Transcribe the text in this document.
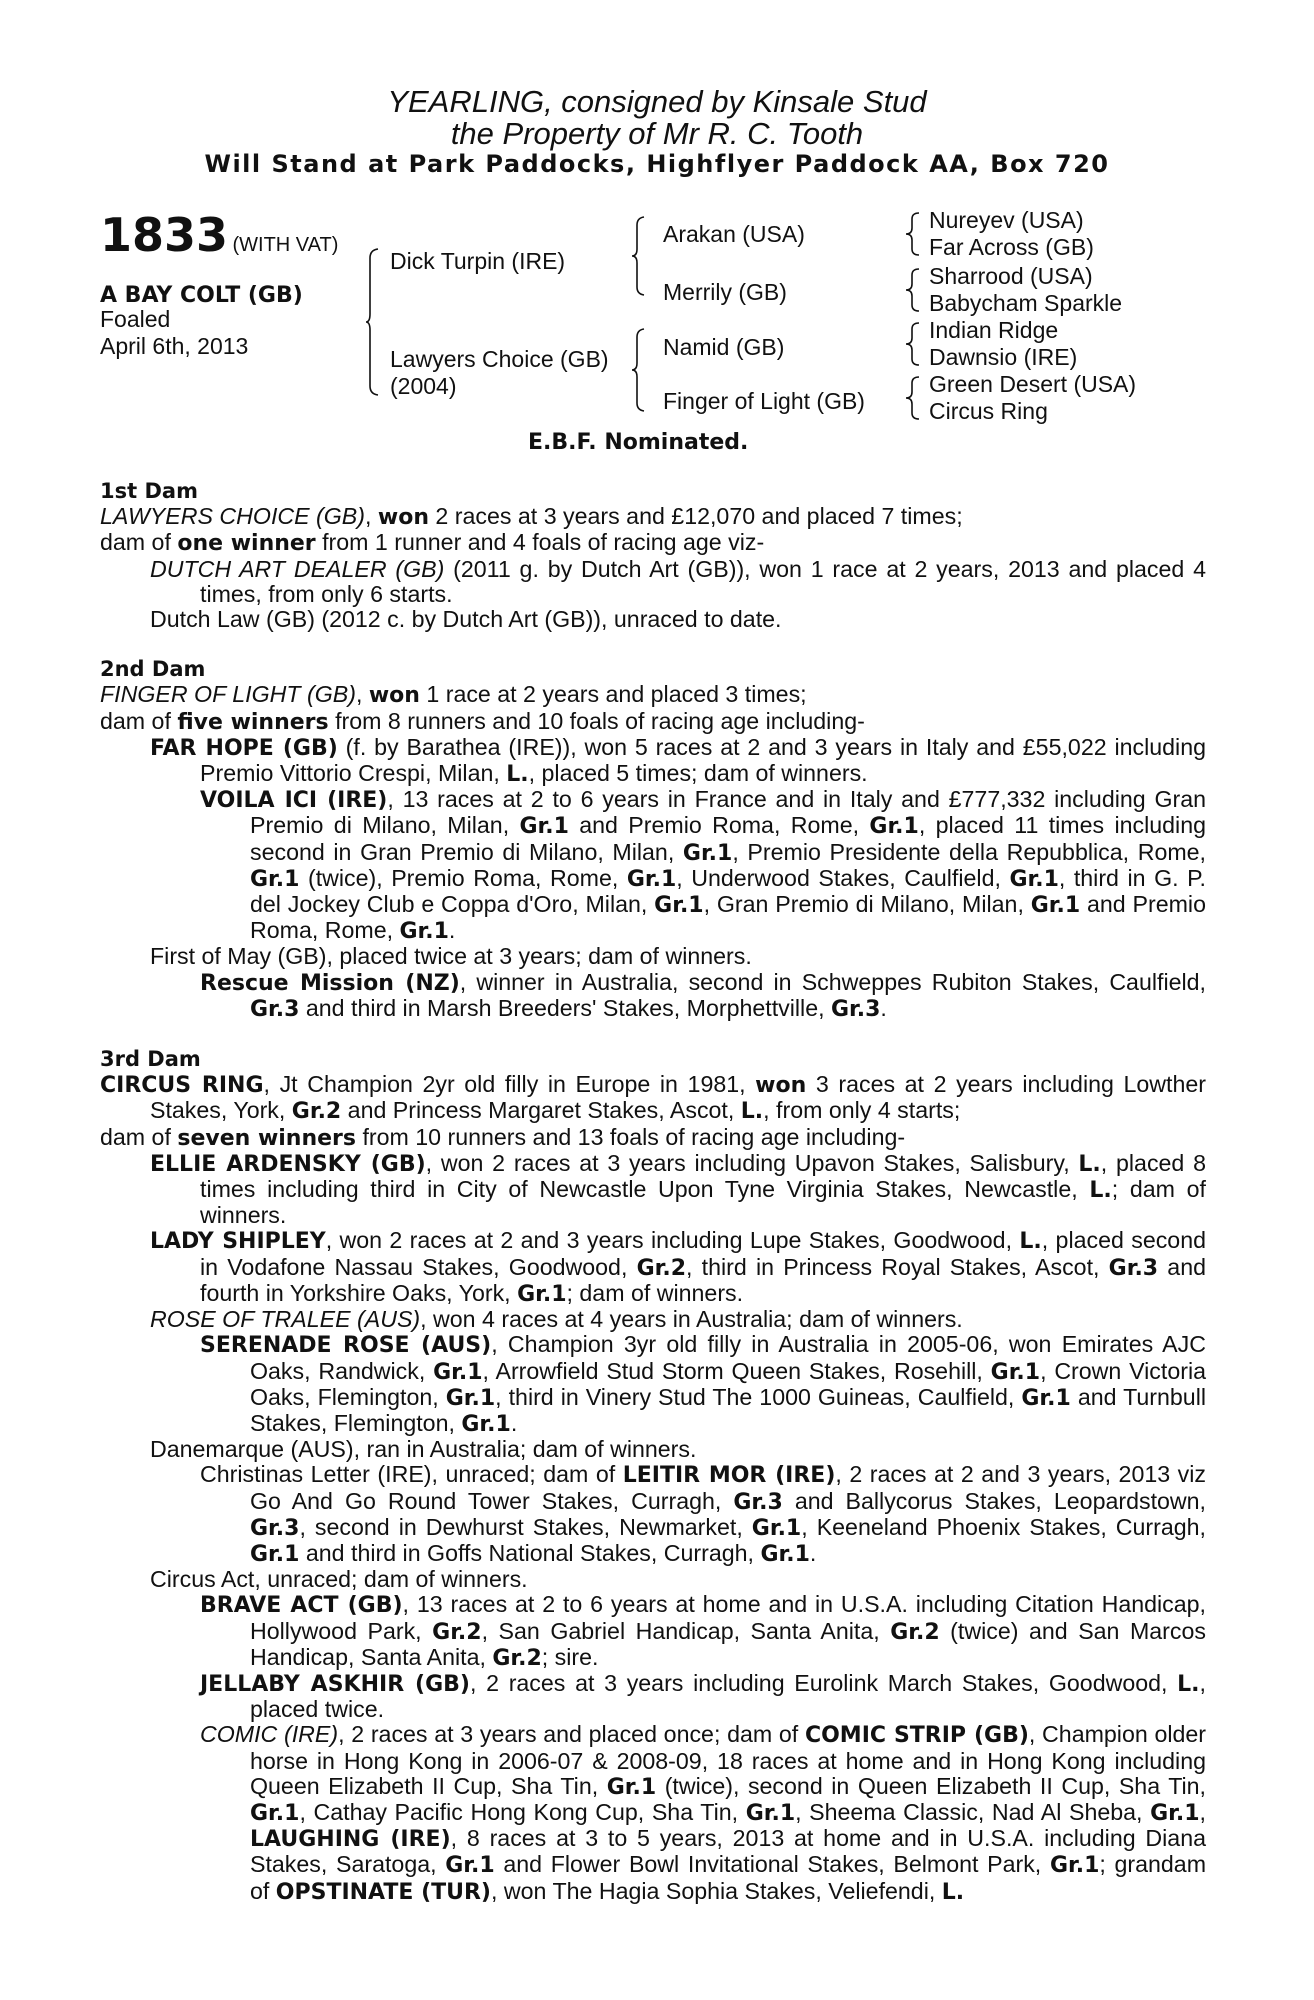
YEARLING, consigned by Kinsale Stud
the Property of Mr R. C. Tooth
Will Stand at Park Paddocks, Highflyer Paddock AA, Box 720
1833 (WITH VAT)
A BAY COLT (GB)
Foaled
April 6th, 2013
Dick Turpin (IRE)
Lawyers Choice (GB)
(2004)
Arakan (USA)
Merrily (GB)
Namid (GB)
Finger of Light (GB)
Nureyev (USA)
Far Across (GB)
Sharrood (USA)
Babycham Sparkle
Indian Ridge
Dawnsio (IRE)
Green Desert (USA)
Circus Ring
E.B.F. Nominated.
1st Dam
LAWYERS CHOICE (GB), won 2 races at 3 years and £12,070 and placed 7 times;
dam of one winner from 1 runner and 4 foals of racing age viz-
DUTCH ART DEALER (GB) (2011 g. by Dutch Art (GB)), won 1 race at 2 years, 2013 and placed 4 times, from only 6 starts.
Dutch Law (GB) (2012 c. by Dutch Art (GB)), unraced to date.
2nd Dam
FINGER OF LIGHT (GB), won 1 race at 2 years and placed 3 times;
dam of five winners from 8 runners and 10 foals of racing age including-
FAR HOPE (GB) (f. by Barathea (IRE)), won 5 races at 2 and 3 years in Italy and £55,022 including Premio Vittorio Crespi, Milan, L., placed 5 times; dam of winners.
VOILA ICI (IRE), 13 races at 2 to 6 years in France and in Italy and £777,332 including Gran Premio di Milano, Milan, Gr.1 and Premio Roma, Rome, Gr.1, placed 11 times including second in Gran Premio di Milano, Milan, Gr.1, Premio Presidente della Repubblica, Rome, Gr.1 (twice), Premio Roma, Rome, Gr.1, Underwood Stakes, Caulfield, Gr.1, third in G. P. del Jockey Club e Coppa d'Oro, Milan, Gr.1, Gran Premio di Milano, Milan, Gr.1 and Premio Roma, Rome, Gr.1.
First of May (GB), placed twice at 3 years; dam of winners.
Rescue Mission (NZ), winner in Australia, second in Schweppes Rubiton Stakes, Caulfield, Gr.3 and third in Marsh Breeders' Stakes, Morphettville, Gr.3.
3rd Dam
CIRCUS RING, Jt Champion 2yr old filly in Europe in 1981, won 3 races at 2 years including Lowther Stakes, York, Gr.2 and Princess Margaret Stakes, Ascot, L., from only 4 starts;
dam of seven winners from 10 runners and 13 foals of racing age including-
ELLIE ARDENSKY (GB), won 2 races at 3 years including Upavon Stakes, Salisbury, L., placed 8 times including third in City of Newcastle Upon Tyne Virginia Stakes, Newcastle, L.; dam of winners.
LADY SHIPLEY, won 2 races at 2 and 3 years including Lupe Stakes, Goodwood, L., placed second in Vodafone Nassau Stakes, Goodwood, Gr.2, third in Princess Royal Stakes, Ascot, Gr.3 and fourth in Yorkshire Oaks, York, Gr.1; dam of winners.
ROSE OF TRALEE (AUS), won 4 races at 4 years in Australia; dam of winners.
SERENADE ROSE (AUS), Champion 3yr old filly in Australia in 2005-06, won Emirates AJC Oaks, Randwick, Gr.1, Arrowfield Stud Storm Queen Stakes, Rosehill, Gr.1, Crown Victoria Oaks, Flemington, Gr.1, third in Vinery Stud The 1000 Guineas, Caulfield, Gr.1 and Turnbull Stakes, Flemington, Gr.1.
Danemarque (AUS), ran in Australia; dam of winners.
Christinas Letter (IRE), unraced; dam of LEITIR MOR (IRE), 2 races at 2 and 3 years, 2013 viz Go And Go Round Tower Stakes, Curragh, Gr.3 and Ballycorus Stakes, Leopardstown, Gr.3, second in Dewhurst Stakes, Newmarket, Gr.1, Keeneland Phoenix Stakes, Curragh, Gr.1 and third in Goffs National Stakes, Curragh, Gr.1.
Circus Act, unraced; dam of winners.
BRAVE ACT (GB), 13 races at 2 to 6 years at home and in U.S.A. including Citation Handicap, Hollywood Park, Gr.2, San Gabriel Handicap, Santa Anita, Gr.2 (twice) and San Marcos Handicap, Santa Anita, Gr.2; sire.
JELLABY ASKHIR (GB), 2 races at 3 years including Eurolink March Stakes, Goodwood, L., placed twice.
COMIC (IRE), 2 races at 3 years and placed once; dam of COMIC STRIP (GB), Champion older horse in Hong Kong in 2006-07 & 2008-09, 18 races at home and in Hong Kong including Queen Elizabeth II Cup, Sha Tin, Gr.1 (twice), second in Queen Elizabeth II Cup, Sha Tin, Gr.1, Cathay Pacific Hong Kong Cup, Sha Tin, Gr.1, Sheema Classic, Nad Al Sheba, Gr.1, LAUGHING (IRE), 8 races at 3 to 5 years, 2013 at home and in U.S.A. including Diana Stakes, Saratoga, Gr.1 and Flower Bowl Invitational Stakes, Belmont Park, Gr.1; grandam of OPSTINATE (TUR), won The Hagia Sophia Stakes, Veliefendi, L.
